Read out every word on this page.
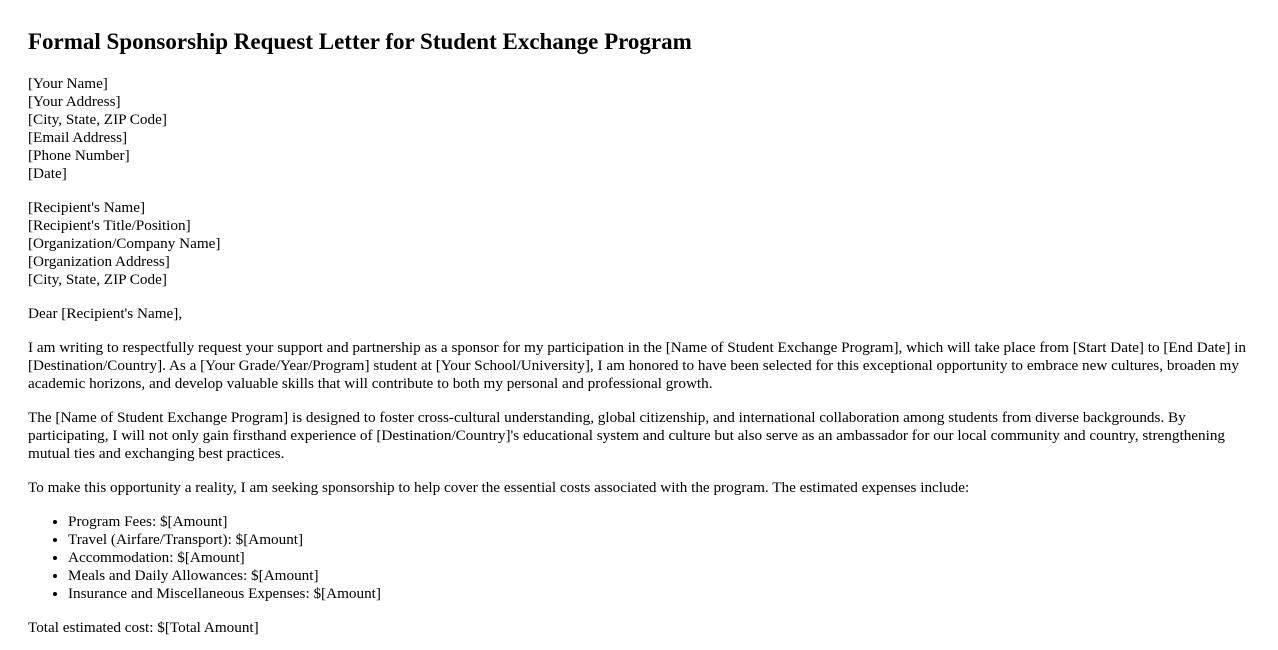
Formal Sponsorship Request Letter for Student Exchange Program
[Your Name]
[Your Address]
[City, State, ZIP Code]
[Email Address]
[Phone Number]
[Date]
[Recipient's Name]
[Recipient's Title/Position]
[Organization/Company Name]
[Organization Address]
[City, State, ZIP Code]

Dear [Recipient's Name],

I am writing to respectfully request your support and partnership as a sponsor for my participation in the [Name of Student Exchange Program], which will take place from [Start Date] to [End Date] in [Destination/Country]. As a [Your Grade/Year/Program] student at [Your School/University], I am honored to have been selected for this exceptional opportunity to embrace new cultures, broaden my academic horizons, and develop valuable skills that will contribute to both my personal and professional growth.

The [Name of Student Exchange Program] is designed to foster cross-cultural understanding, global citizenship, and international collaboration among students from diverse backgrounds. By participating, I will not only gain firsthand experience of [Destination/Country]'s educational system and culture but also serve as an ambassador for our local community and country, strengthening mutual ties and exchanging best practices.

To make this opportunity a reality, I am seeking sponsorship to help cover the essential costs associated with the program. The estimated expenses include:

• Program Fees: $[Amount]
• Travel (Airfare/Transport): $[Amount]
• Accommodation: $[Amount]
• Meals and Daily Allowances: $[Amount]
• Insurance and Miscellaneous Expenses: $[Amount]

Total estimated cost: $[Total Amount]
